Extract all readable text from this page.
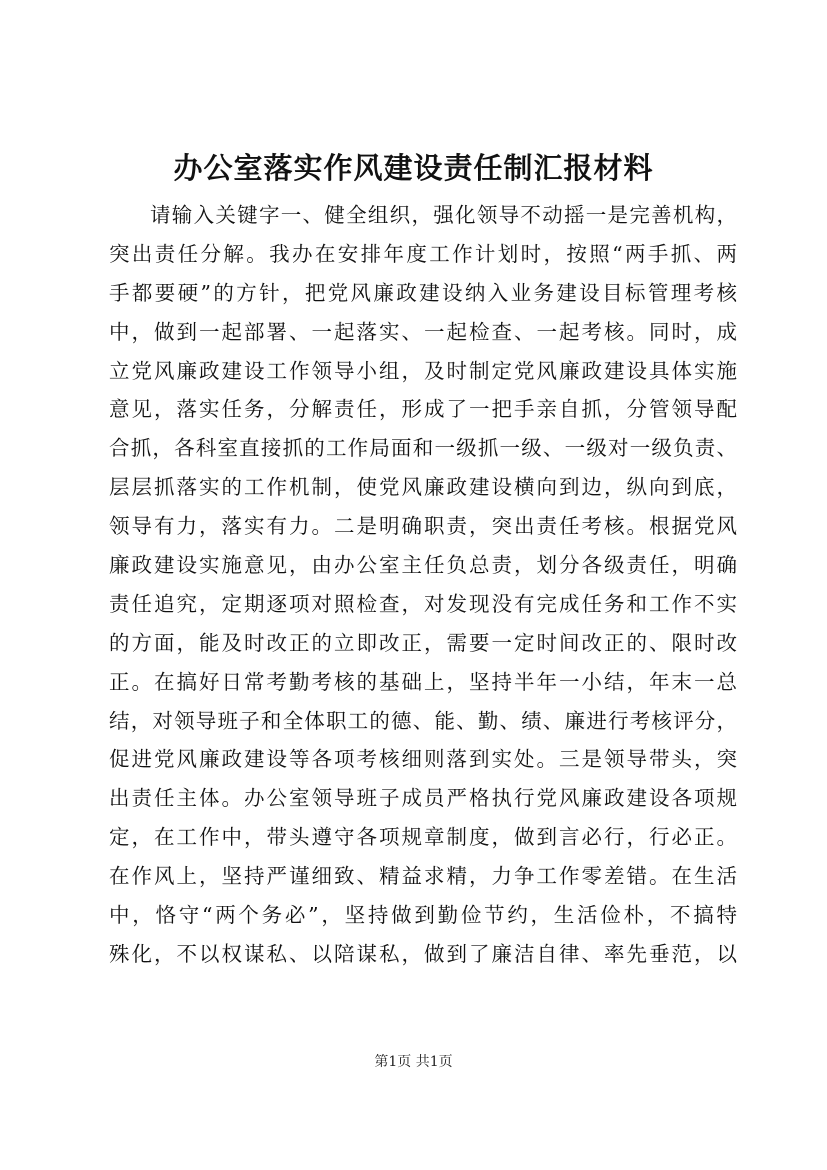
办公室落实作风建设责任制汇报材料
请输入关键字一、健全组织，强化领导不动摇一是完善机构，
突出责任分解。我办在安排年度工作计划时，按照“两手抓、两
手都要硬”的方针，把党风廉政建设纳入业务建设目标管理考核
中，做到一起部署、一起落实、一起检查、一起考核。同时，成
立党风廉政建设工作领导小组，及时制定党风廉政建设具体实施
意见，落实任务，分解责任，形成了一把手亲自抓，分管领导配
合抓，各科室直接抓的工作局面和一级抓一级、一级对一级负责、
层层抓落实的工作机制，使党风廉政建设横向到边，纵向到底，
领导有力，落实有力。二是明确职责，突出责任考核。根据党风
廉政建设实施意见，由办公室主任负总责，划分各级责任，明确
责任追究，定期逐项对照检查，对发现没有完成任务和工作不实
的方面，能及时改正的立即改正，需要一定时间改正的、限时改
正。在搞好日常考勤考核的基础上，坚持半年一小结，年末一总
结，对领导班子和全体职工的德、能、勤、绩、廉进行考核评分，
促进党风廉政建设等各项考核细则落到实处。三是领导带头，突
出责任主体。办公室领导班子成员严格执行党风廉政建设各项规
定，在工作中，带头遵守各项规章制度，做到言必行，行必正。
在作风上，坚持严谨细致、精益求精，力争工作零差错。在生活
中，恪守“两个务必”，坚持做到勤俭节约，生活俭朴，不搞特
殊化，不以权谋私、以陪谋私，做到了廉洁自律、率先垂范，以
第1页 共1页
